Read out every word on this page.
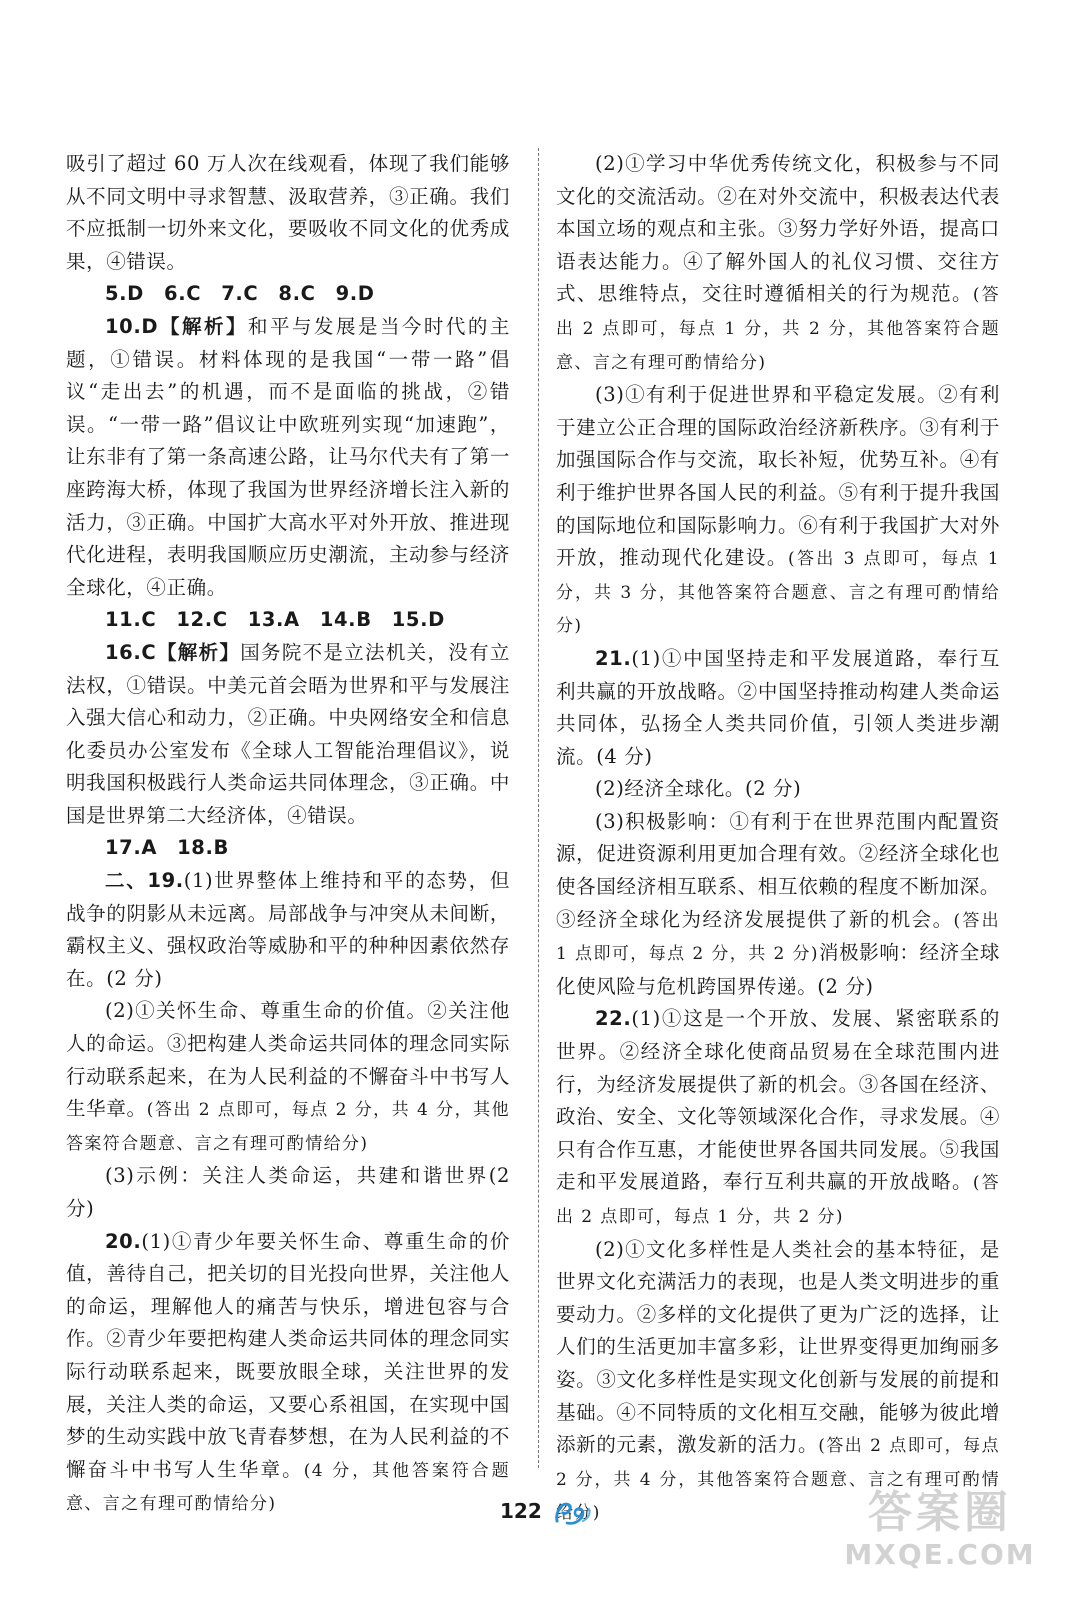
吸引了超过 60 万人次在线观看，体现了我们能够从不同文明中寻求智慧、汲取营养，③正确。我们不应抵制一切外来文化，要吸收不同文化的优秀成果，④错误。

5.D　6.C　7.C　8.C　9.D

10.D【解析】和平与发展是当今时代的主题，①错误。材料体现的是我国“一带一路”倡议“走出去”的机遇，而不是面临的挑战，②错误。“一带一路”倡议让中欧班列实现“加速跑”，让东非有了第一条高速公路，让马尔代夫有了第一座跨海大桥，体现了我国为世界经济增长注入新的活力，③正确。中国扩大高水平对外开放、推进现代化进程，表明我国顺应历史潮流，主动参与经济全球化，④正确。

11.C　12.C　13.A　14.B　15.D

16.C【解析】国务院不是立法机关，没有立法权，①错误。中美元首会晤为世界和平与发展注入强大信心和动力，②正确。中央网络安全和信息化委员办公室发布《全球人工智能治理倡议》，说明我国积极践行人类命运共同体理念，③正确。中国是世界第二大经济体，④错误。

17.A　18.B

二、19.(1)世界整体上维持和平的态势，但战争的阴影从未远离。局部战争与冲突从未间断，霸权主义、强权政治等威胁和平的种种因素依然存在。(2 分)

(2)①关怀生命、尊重生命的价值。②关注他人的命运。③把构建人类命运共同体的理念同实际行动联系起来，在为人民利益的不懈奋斗中书写人生华章。(答出 2 点即可，每点 2 分，共 4 分，其他答案符合题意、言之有理可酌情给分)

(3)示例：关注人类命运，共建和谐世界(2 分)

20.(1)①青少年要关怀生命、尊重生命的价值，善待自己，把关切的目光投向世界，关注他人的命运，理解他人的痛苦与快乐，增进包容与合作。②青少年要把构建人类命运共同体的理念同实际行动联系起来，既要放眼全球，关注世界的发展，关注人类的命运，又要心系祖国，在实现中国梦的生动实践中放飞青春梦想，在为人民利益的不懈奋斗中书写人生华章。(4 分，其他答案符合题意、言之有理可酌情给分)

(2)①学习中华优秀传统文化，积极参与不同文化的交流活动。②在对外交流中，积极表达代表本国立场的观点和主张。③努力学好外语，提高口语表达能力。④了解外国人的礼仪习惯、交往方式、思维特点，交往时遵循相关的行为规范。(答出 2 点即可，每点 1 分，共 2 分，其他答案符合题意、言之有理可酌情给分)

(3)①有利于促进世界和平稳定发展。②有利于建立公正合理的国际政治经济新秩序。③有利于加强国际合作与交流，取长补短，优势互补。④有利于维护世界各国人民的利益。⑤有利于提升我国的国际地位和国际影响力。⑥有利于我国扩大对外开放，推动现代化建设。(答出 3 点即可，每点 1 分，共 3 分，其他答案符合题意、言之有理可酌情给分)

21.(1)①中国坚持走和平发展道路，奉行互利共赢的开放战略。②中国坚持推动构建人类命运共同体，弘扬全人类共同价值，引领人类进步潮流。(4 分)

(2)经济全球化。(2 分)

(3)积极影响：①有利于在世界范围内配置资源，促进资源利用更加合理有效。②经济全球化也使各国经济相互联系、相互依赖的程度不断加深。③经济全球化为经济发展提供了新的机会。(答出 1 点即可，每点 2 分，共 2 分)消极影响：经济全球化使风险与危机跨国界传递。(2 分)

22.(1)①这是一个开放、发展、紧密联系的世界。②经济全球化使商品贸易在全球范围内进行，为经济发展提供了新的机会。③各国在经济、政治、安全、文化等领域深化合作，寻求发展。④只有合作互惠，才能使世界各国共同发展。⑤我国走和平发展道路，奉行互利共赢的开放战略。(答出 2 点即可，每点 1 分，共 2 分)

(2)①文化多样性是人类社会的基本特征，是世界文化充满活力的表现，也是人类文明进步的重要动力。②多样的文化提供了更为广泛的选择，让人们的生活更加丰富多彩，让世界变得更加绚丽多姿。③文化多样性是实现文化创新与发展的前提和基础。④不同特质的文化相互交融，能够为彼此增添新的元素，激发新的活力。(答出 2 点即可，每点 2 分，共 4 分，其他答案符合题意、言之有理可酌情给分)

122	答案圈
MXQE.COM
